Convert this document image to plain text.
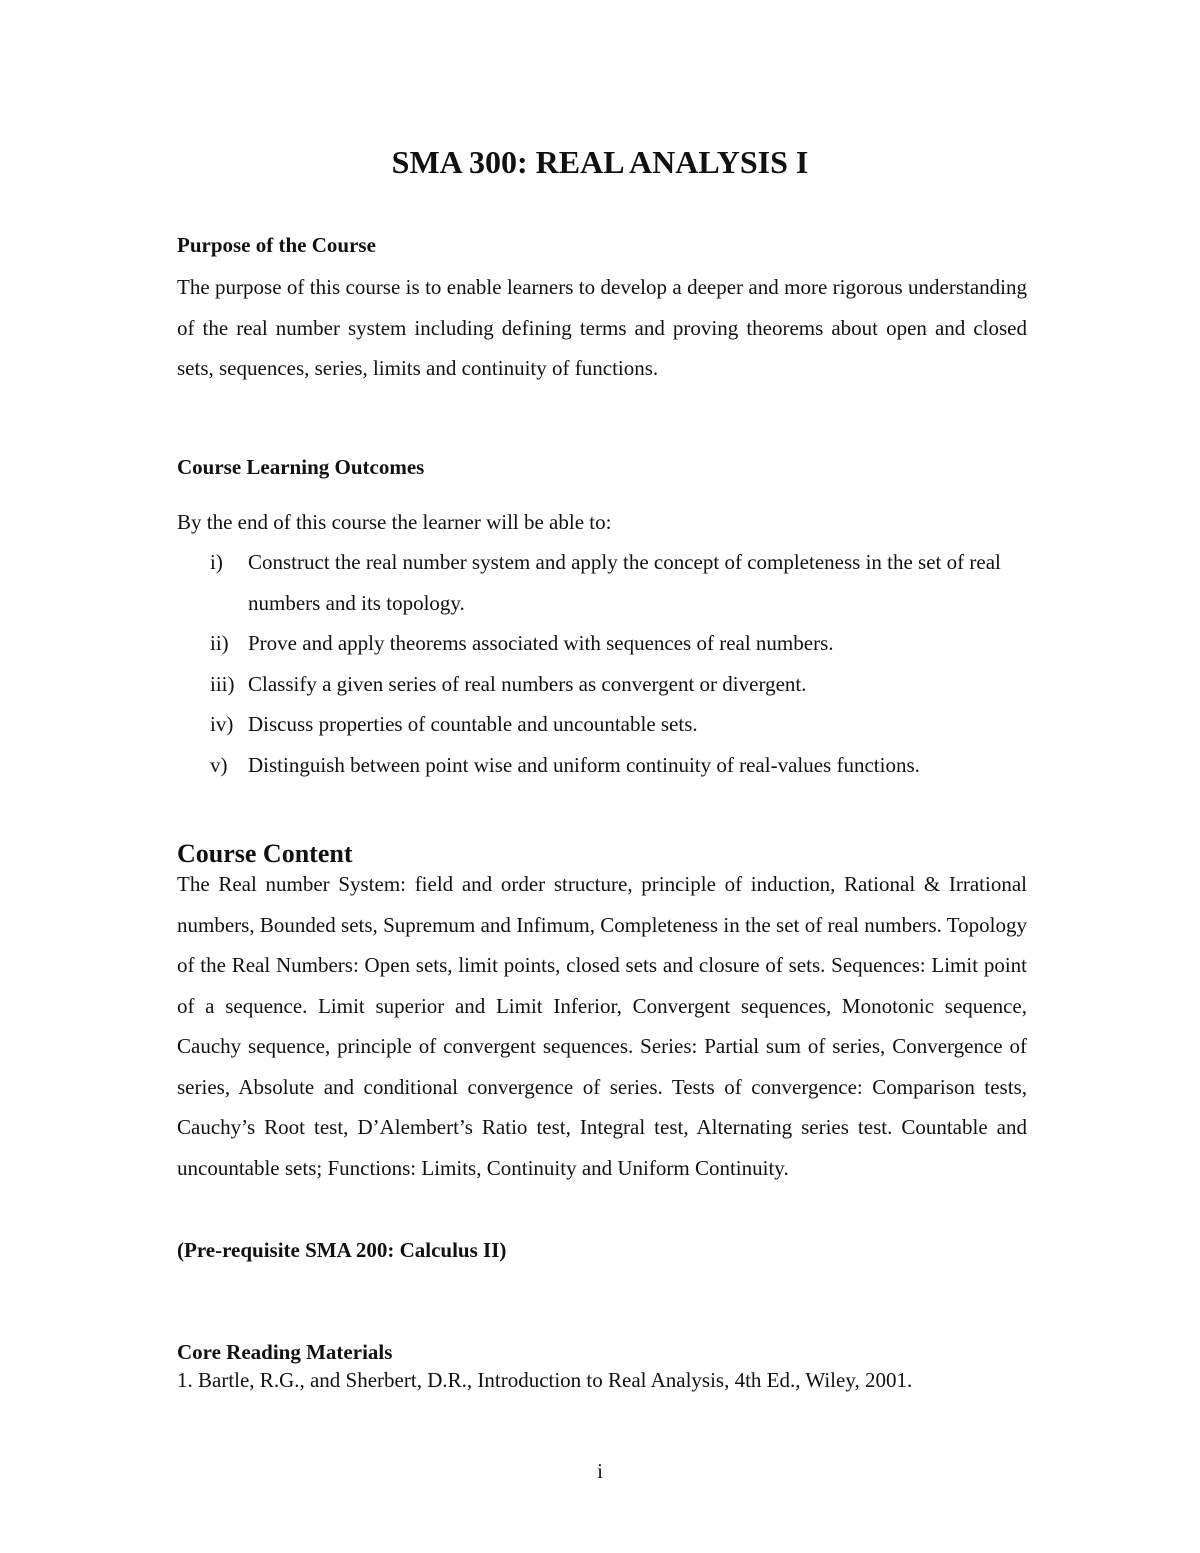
SMA 300: REAL ANALYSIS I

Purpose of the Course

The purpose of this course is to enable learners to develop a deeper and more rigorous understanding of the real number system including defining terms and proving theorems about open and closed sets, sequences, series, limits and continuity of functions.

Course Learning Outcomes

By the end of this course the learner will be able to:

i) Construct the real number system and apply the concept of completeness in the set of real numbers and its topology.
ii) Prove and apply theorems associated with sequences of real numbers.
iii) Classify a given series of real numbers as convergent or divergent.
iv) Discuss properties of countable and uncountable sets.
v) Distinguish between point wise and uniform continuity of real-values functions.

Course Content

The Real number System: field and order structure, principle of induction, Rational & Irrational numbers, Bounded sets, Supremum and Infimum, Completeness in the set of real numbers. Topology of the Real Numbers: Open sets, limit points, closed sets and closure of sets. Sequences: Limit point of a sequence. Limit superior and Limit Inferior, Convergent sequences, Monotonic sequence, Cauchy sequence, principle of convergent sequences. Series: Partial sum of series, Convergence of series, Absolute and conditional convergence of series. Tests of convergence: Comparison tests, Cauchy’s Root test, D’Alembert’s Ratio test, Integral test, Alternating series test. Countable and uncountable sets; Functions: Limits, Continuity and Uniform Continuity.

(Pre-requisite SMA 200: Calculus II)

Core Reading Materials

1. Bartle, R.G., and Sherbert, D.R., Introduction to Real Analysis, 4th Ed., Wiley, 2001.

i
